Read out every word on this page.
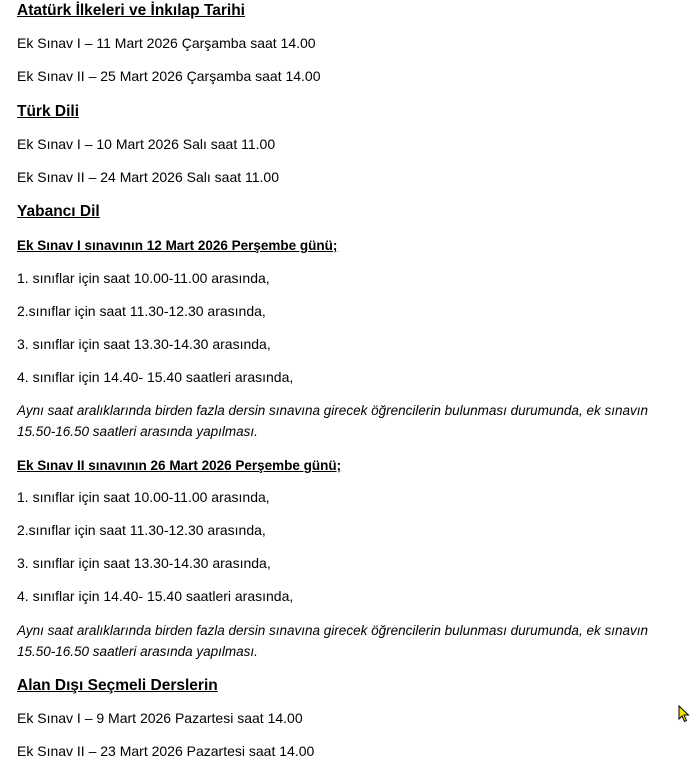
Atatürk İlkeleri ve İnkılap Tarihi
Ek Sınav I – 11 Mart 2026 Çarşamba saat 14.00
Ek Sınav II – 25 Mart 2026 Çarşamba saat 14.00
Türk Dili
Ek Sınav I – 10 Mart 2026 Salı saat 11.00
Ek Sınav II – 24 Mart 2026 Salı saat 11.00
Yabancı Dil
Ek Sınav I sınavının 12 Mart 2026 Perşembe günü;
1. sınıflar için saat 10.00-11.00 arasında,
2.sınıflar için saat 11.30-12.30 arasında,
3. sınıflar için saat 13.30-14.30 arasında,
4. sınıflar için 14.40- 15.40 saatleri arasında,
Aynı saat aralıklarında birden fazla dersin sınavına girecek öğrencilerin bulunması durumunda, ek sınavın 15.50-16.50 saatleri arasında yapılması.
Ek Sınav II sınavının 26 Mart 2026 Perşembe günü;
1. sınıflar için saat 10.00-11.00 arasında,
2.sınıflar için saat 11.30-12.30 arasında,
3. sınıflar için saat 13.30-14.30 arasında,
4. sınıflar için 14.40- 15.40 saatleri arasında,
Aynı saat aralıklarında birden fazla dersin sınavına girecek öğrencilerin bulunması durumunda, ek sınavın 15.50-16.50 saatleri arasında yapılması.
Alan Dışı Seçmeli Derslerin
Ek Sınav I – 9 Mart 2026 Pazartesi saat 14.00
Ek Sınav II – 23 Mart 2026 Pazartesi saat 14.00
